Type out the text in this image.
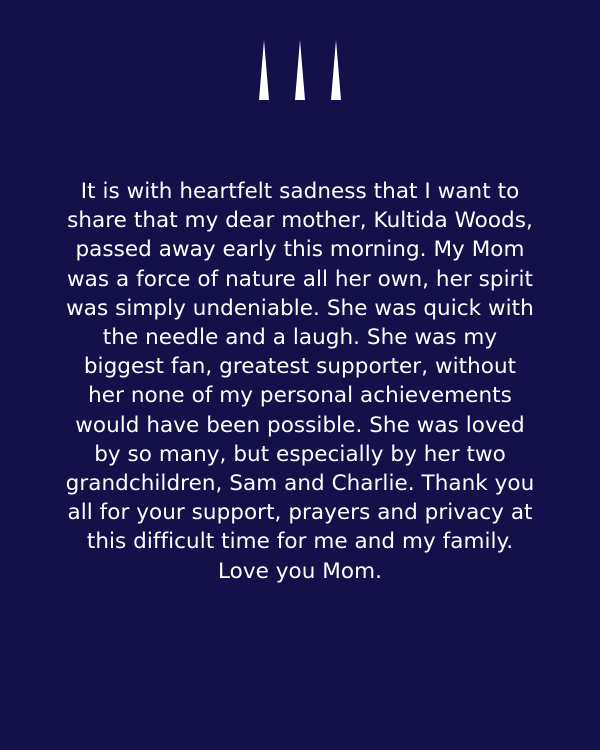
It is with heartfelt sadness that I want to
share that my dear mother, Kultida Woods,
passed away early this morning. My Mom
was a force of nature all her own, her spirit
was simply undeniable. She was quick with
the needle and a laugh. She was my
biggest fan, greatest supporter, without
her none of my personal achievements
would have been possible. She was loved
by so many, but especially by her two
grandchildren, Sam and Charlie. Thank you
all for your support, prayers and privacy at
this difficult time for me and my family.
Love you Mom.
